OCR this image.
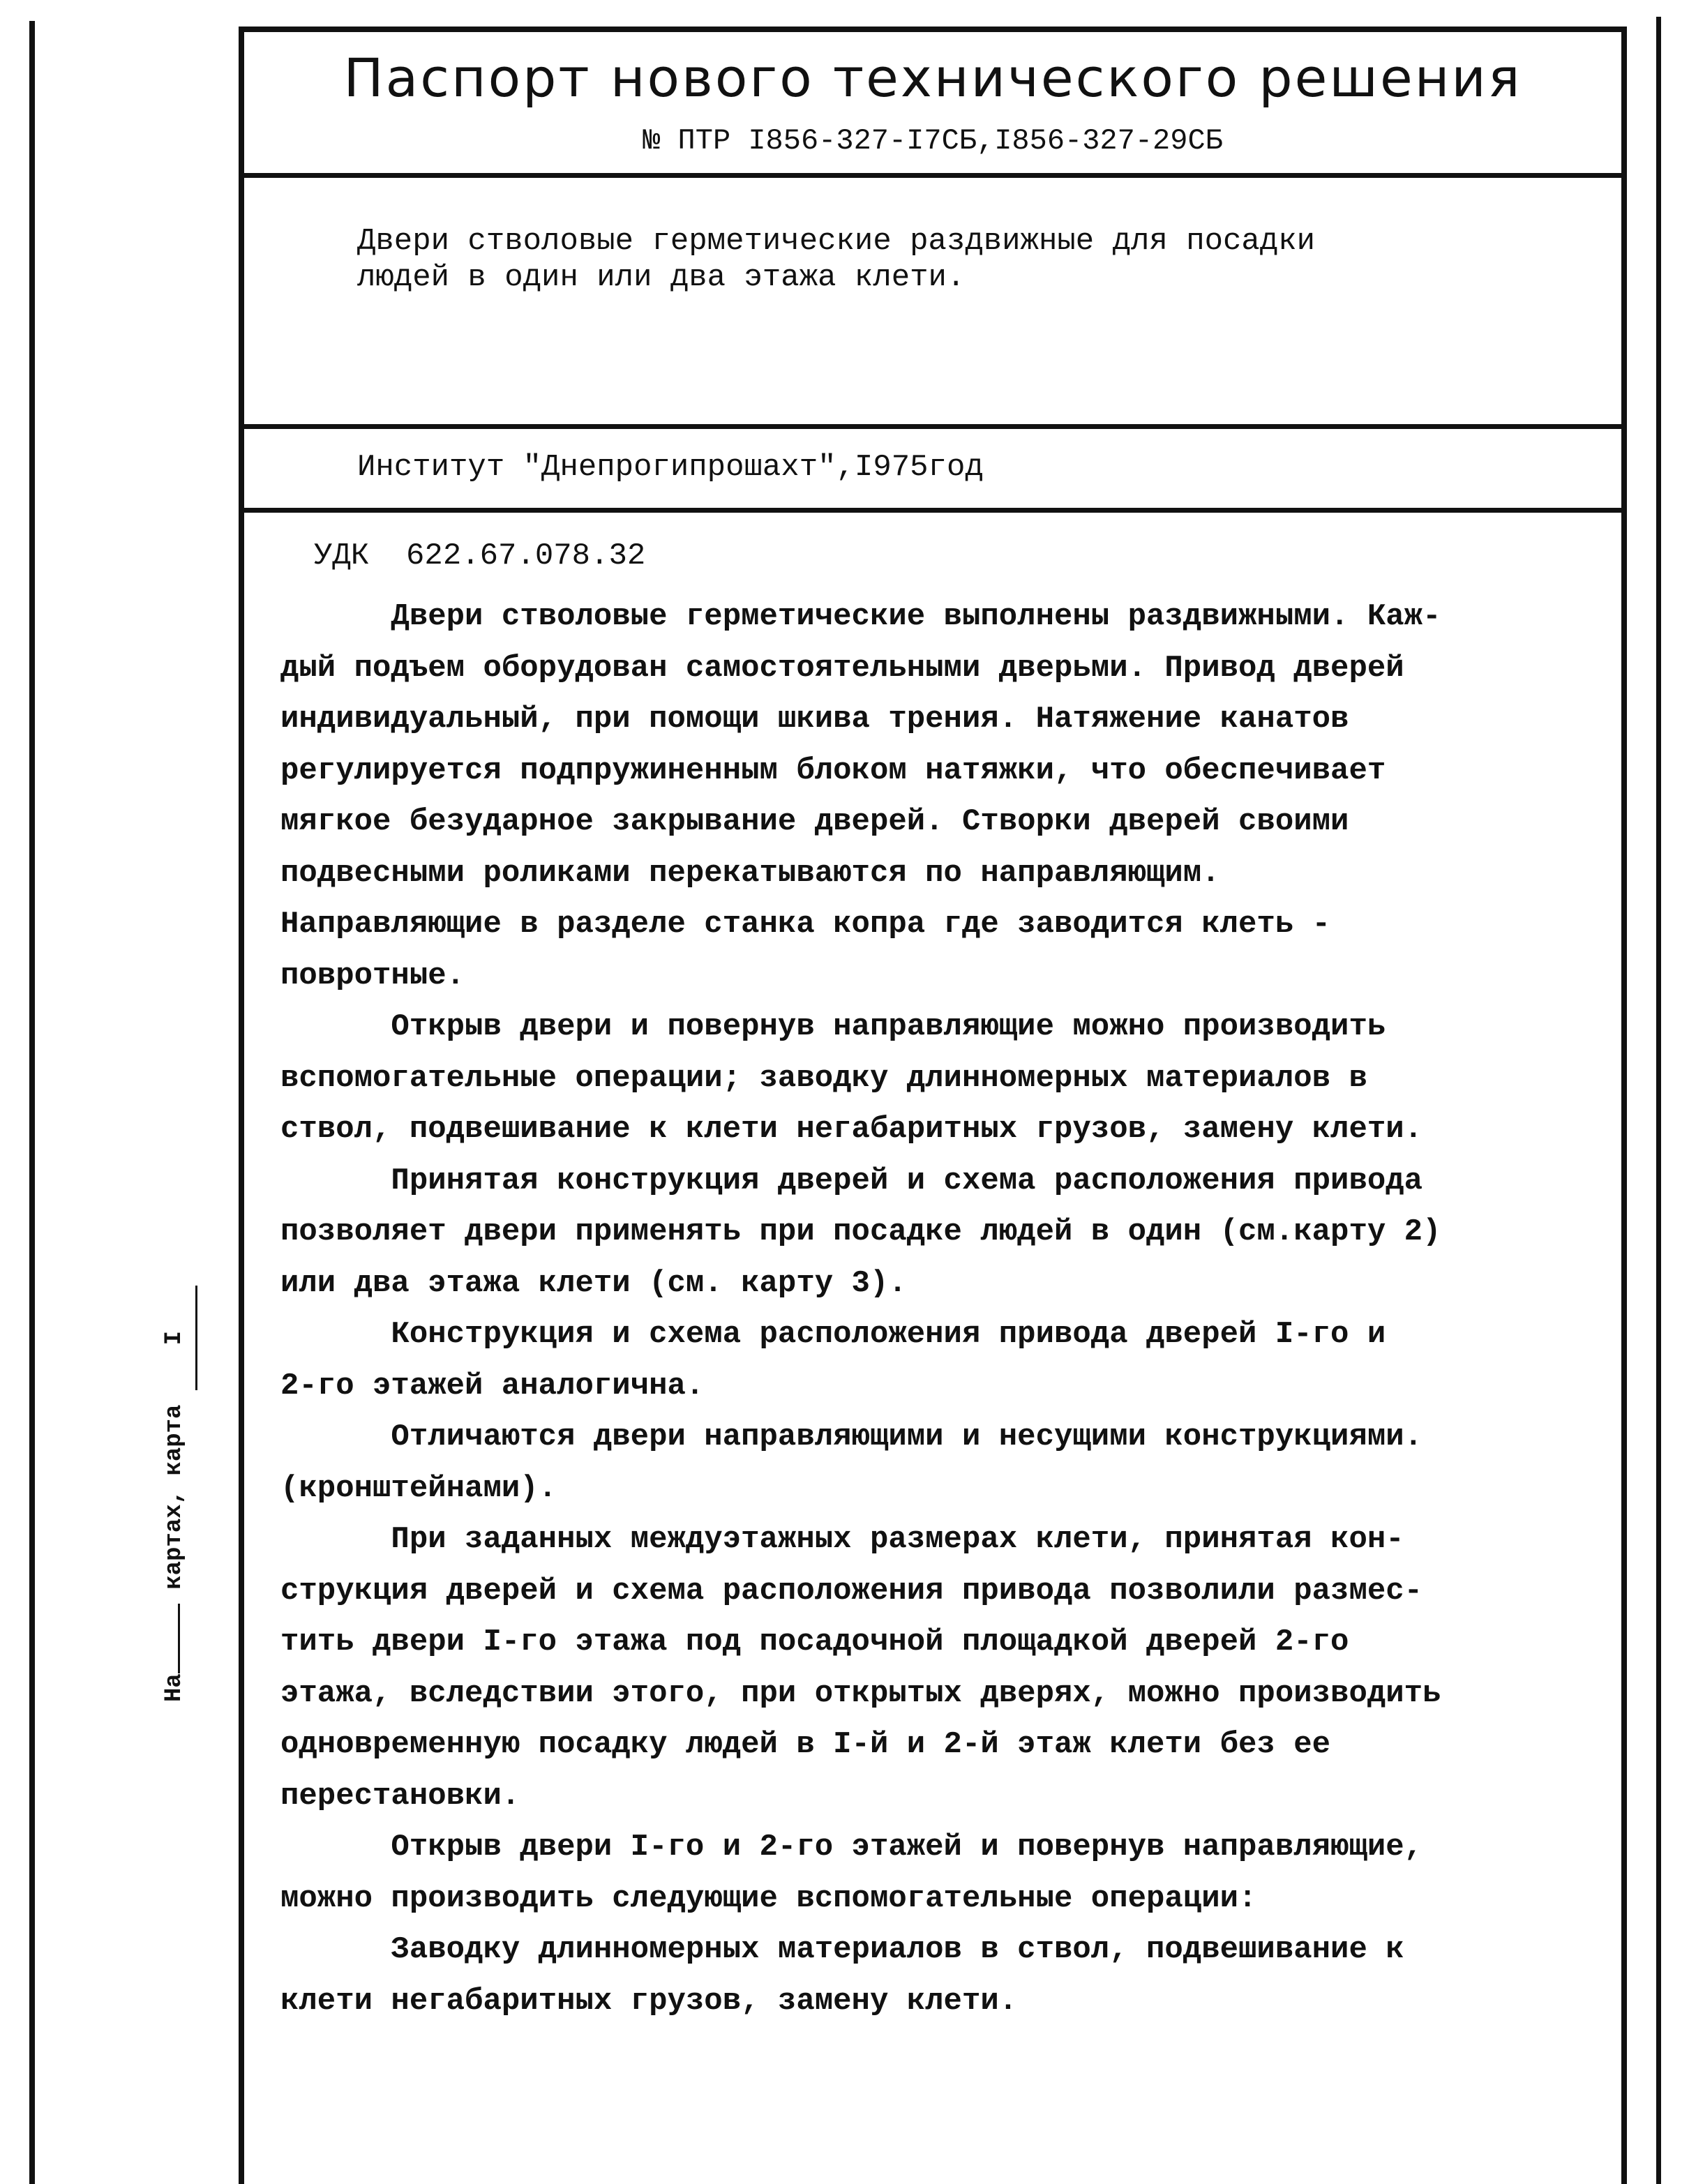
Паспорт нового технического решения
№ ПТР І856-327-І7СБ,І856-327-29СБ
Двери стволовые герметические раздвижные для посадки
людей в один или два этажа клети.
Институт "Днепрогипрошахт",І975год
УДК  622.67.078.32
Двери стволовые герметические выполнены раздвижными. Каж-
дый подъем оборудован самостоятельными дверьми. Привод дверей
индивидуальный, при помощи шкива трения. Натяжение канатов
регулируется подпружиненным блоком натяжки, что обеспечивает
мягкое безударное закрывание дверей. Створки дверей своими
подвесными роликами перекатываются по направляющим.
Направляющие в разделе станка копра где заводится клеть -
повротные.
Открыв двери и повернув направляющие можно производить
вспомогательные операции; заводку длинномерных материалов в
ствол, подвешивание к клети негабаритных грузов, замену клети.
Принятая конструкция дверей и схема расположения привода
позволяет двери применять при посадке людей в один (см.карту 2)
или два этажа клети (см. карту 3).
Конструкция и схема расположения привода дверей І-го и
2-го этажей аналогична.
Отличаются двери направляющими и несущими конструкциями.
(кронштейнами).
При заданных междуэтажных размерах клети, принятая кон-
струкция дверей и схема расположения привода позволили размес-
тить двери І-го этажа под посадочной площадкой дверей 2-го
этажа, вследствии этого, при открытых дверях, можно производить
одновременную посадку людей в І-й и 2-й этаж клети без ее
перестановки.
Открыв двери І-го и 2-го этажей и повернув направляющие,
можно производить следующие вспомогательные операции:
Заводку длинномерных материалов в ствол, подвешивание к
клети негабаритных грузов, замену клети.
На картах, карта І
